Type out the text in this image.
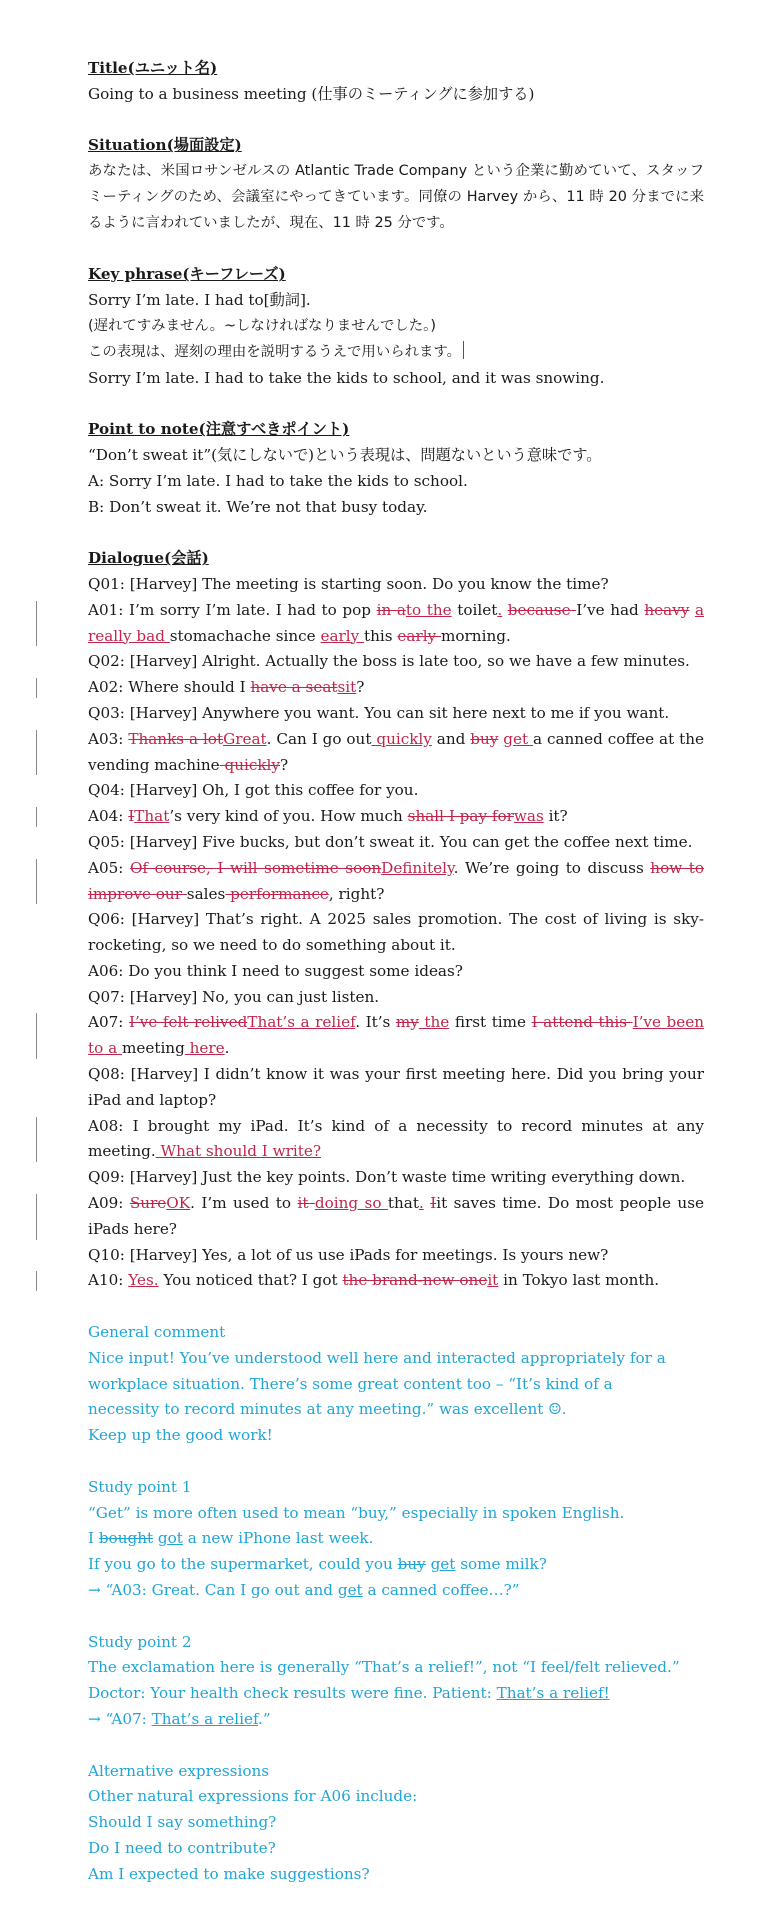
Title(ユニット名)
Going to a business meeting (仕事のミーティングに参加する)
Situation(場面設定)
あなたは、米国ロサンゼルスの Atlantic Trade Company という企業に勤めていて、スタッフミーティングのため、会議室にやってきています。同僚の Harvey から、11 時 20 分までに来るように言われていましたが、現在、11 時 25 分です。
Key phrase(キーフレーズ)
Sorry I’m late. I had to[動詞].
(遅れてすみません。~しなければなりませんでした。)
この表現は、遅刻の理由を説明するうえで用いられます。
Sorry I’m late. I had to take the kids to school, and it was snowing.
Point to note(注意すべきポイント)
“Don’t sweat it”(気にしないで)という表現は、問題ないという意味です。
A: Sorry I’m late. I had to take the kids to school.
B: Don’t sweat it. We’re not that busy today.
Dialogue(会話)
Q01: [Harvey] The meeting is starting soon. Do you know the time?
A01: I’m sorry I’m late. I had to pop in ato the toilet. because I’ve had heavy a really bad stomachache since early this early morning.
Q02: [Harvey] Alright. Actually the boss is late too, so we have a few minutes.
A02: Where should I have a seatsit?
Q03: [Harvey] Anywhere you want. You can sit here next to me if you want.
A03: Thanks a lotGreat. Can I go out quickly and buy get a canned coffee at the vending machine quickly?
Q04: [Harvey] Oh, I got this coffee for you.
A04: IThat’s very kind of you. How much shall I pay forwas it?
Q05: [Harvey] Five bucks, but don’t sweat it. You can get the coffee next time.
A05: Of course, I will sometime soonDefinitely. We’re going to discuss how to improve our sales performance, right?
Q06: [Harvey] That’s right. A 2025 sales promotion. The cost of living is sky-rocketing, so we need to do something about it.
A06: Do you think I need to suggest some ideas?
Q07: [Harvey] No, you can just listen.
A07: I’ve felt relivedThat’s a relief. It’s my the first time I attend this I’ve been to a meeting here.
Q08: [Harvey] I didn’t know it was your first meeting here. Did you bring your iPad and laptop?
A08: I brought my iPad. It’s kind of a necessity to record minutes at any meeting. What should I write?
Q09: [Harvey] Just the key points. Don’t waste time writing everything down.
A09: SureOK. I’m used to it doing so that. Iit saves time. Do most people use iPads here?
Q10: [Harvey] Yes, a lot of us use iPads for meetings. Is yours new?
A10: Yes. You noticed that? I got the brand-new oneit in Tokyo last month.
General comment
Nice input! You’ve understood well here and interacted appropriately for a
workplace situation. There’s some great content too – “It’s kind of a
necessity to record minutes at any meeting.” was excellent ☺.
Keep up the good work!
Study point 1
“Get” is more often used to mean “buy,” especially in spoken English.
I bought got a new iPhone last week.
If you go to the supermarket, could you buy get some milk?
→ “A03: Great. Can I go out and get a canned coffee…?”
Study point 2
The exclamation here is generally “That’s a relief!”, not “I feel/felt relieved.”
Doctor: Your health check results were fine. Patient: That’s a relief!
→ “A07: That’s a relief.”
Alternative expressions
Other natural expressions for A06 include:
Should I say something?
Do I need to contribute?
Am I expected to make suggestions?
